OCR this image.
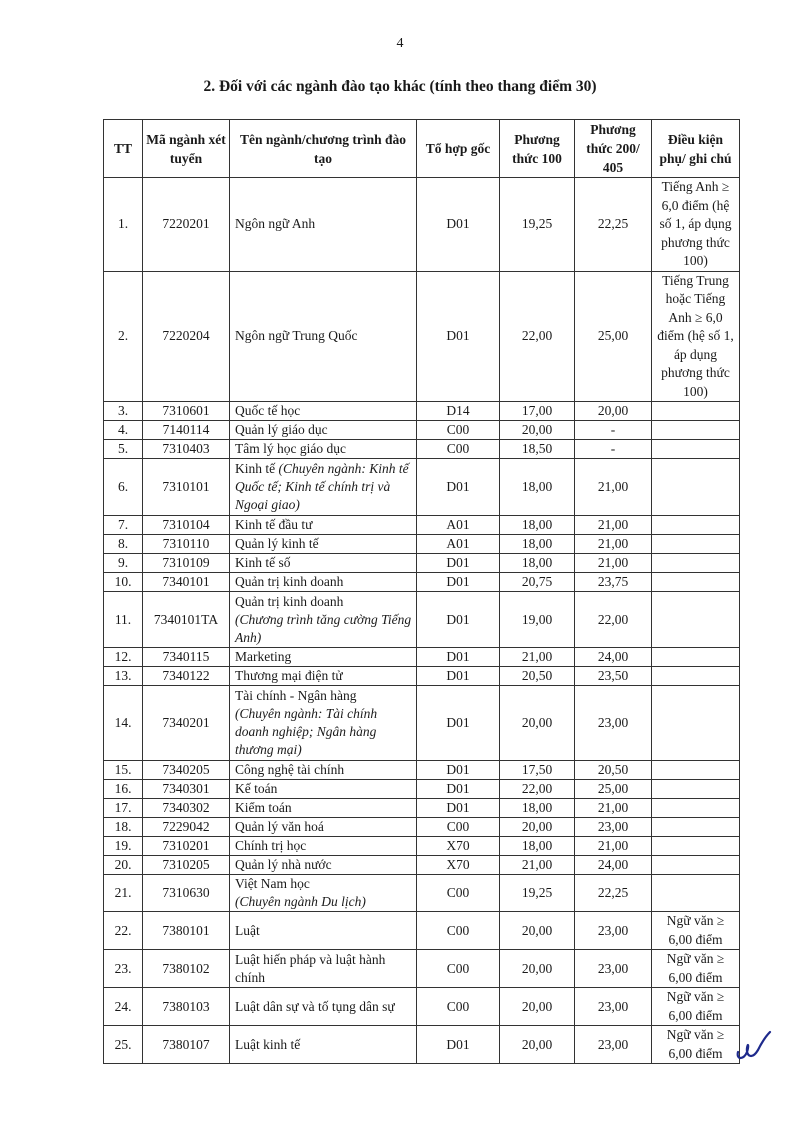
4
2. Đối với các ngành đào tạo khác (tính theo thang điểm 30)
TT	Mã ngành xét tuyển	Tên ngành/chương trình đào tạo	Tổ hợp gốc	Phương thức 100	Phương thức 200/ 405	Điều kiện phụ/ ghi chú
1.	7220201	Ngôn ngữ Anh	D01	19,25	22,25	Tiếng Anh ≥ 6,0 điểm (hệ số 1, áp dụng phương thức 100)
2.	7220204	Ngôn ngữ Trung Quốc	D01	22,00	25,00	Tiếng Trung hoặc Tiếng Anh ≥ 6,0 điểm (hệ số 1, áp dụng phương thức 100)
3.	7310601	Quốc tế học	D14	17,00	20,00	
4.	7140114	Quản lý giáo dục	C00	20,00	-	
5.	7310403	Tâm lý học giáo dục	C00	18,50	-	
6.	7310101	Kinh tế (Chuyên ngành: Kinh tế Quốc tế; Kinh tế chính trị và Ngoại giao)	D01	18,00	21,00	
7.	7310104	Kinh tế đầu tư	A01	18,00	21,00	
8.	7310110	Quản lý kinh tế	A01	18,00	21,00	
9.	7310109	Kinh tế số	D01	18,00	21,00	
10.	7340101	Quản trị kinh doanh	D01	20,75	23,75	
11.	7340101TA	Quản trị kinh doanh
(Chương trình tăng cường Tiếng Anh)	D01	19,00	22,00	
12.	7340115	Marketing	D01	21,00	24,00	
13.	7340122	Thương mại điện tử	D01	20,50	23,50	
14.	7340201	Tài chính - Ngân hàng
(Chuyên ngành: Tài chính doanh nghiệp; Ngân hàng thương mại)	D01	20,00	23,00	
15.	7340205	Công nghệ tài chính	D01	17,50	20,50	
16.	7340301	Kế toán	D01	22,00	25,00	
17.	7340302	Kiểm toán	D01	18,00	21,00	
18.	7229042	Quản lý văn hoá	C00	20,00	23,00	
19.	7310201	Chính trị học	X70	18,00	21,00	
20.	7310205	Quản lý nhà nước	X70	21,00	24,00	
21.	7310630	Việt Nam học
(Chuyên ngành Du lịch)	C00	19,25	22,25	
22.	7380101	Luật	C00	20,00	23,00	Ngữ văn ≥ 6,00 điểm
23.	7380102	Luật hiến pháp và luật hành chính	C00	20,00	23,00	Ngữ văn ≥ 6,00 điểm
24.	7380103	Luật dân sự và tố tụng dân sự	C00	20,00	23,00	Ngữ văn ≥ 6,00 điểm
25.	7380107	Luật kinh tế	D01	20,00	23,00	Ngữ văn ≥ 6,00 điểm
